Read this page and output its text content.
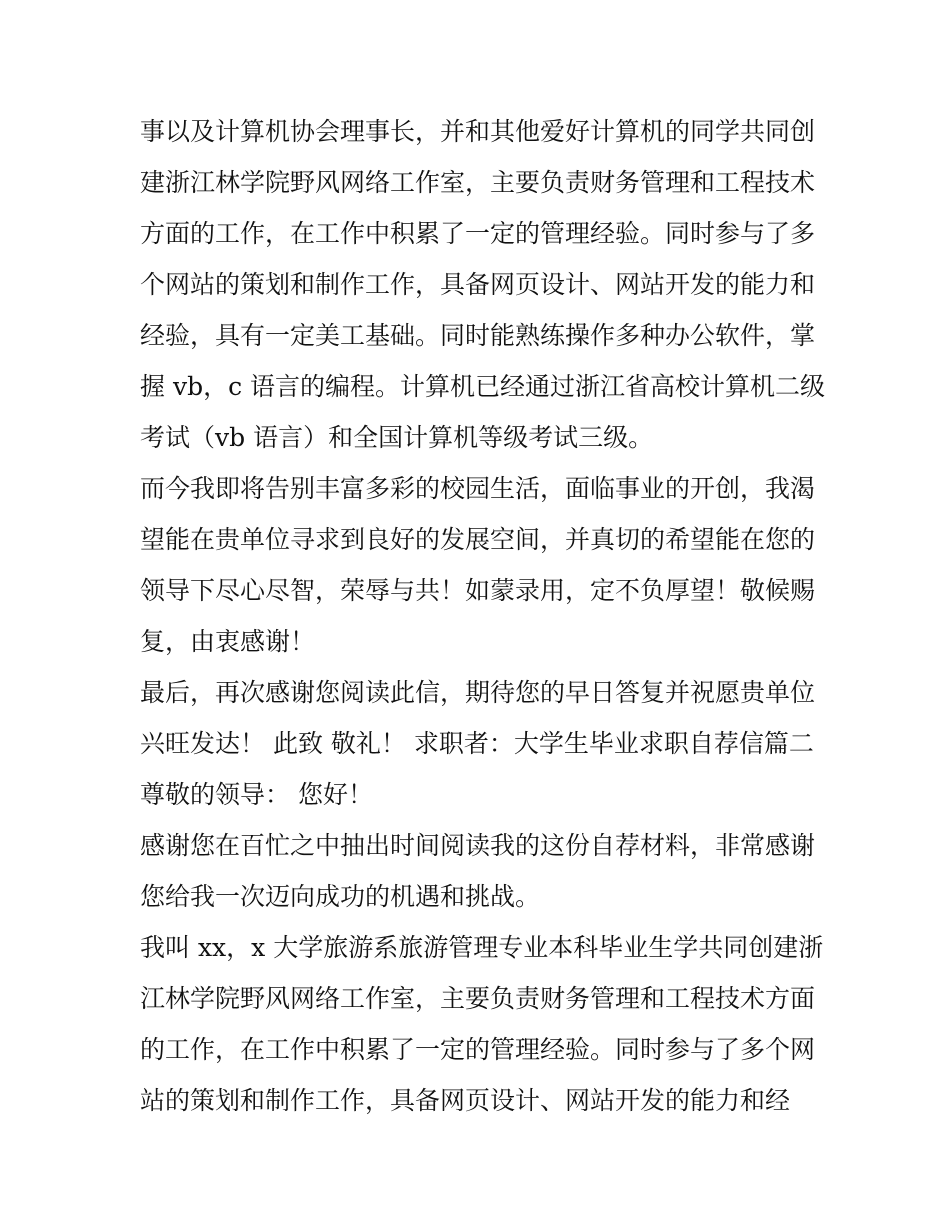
事以及计算机协会理事长，并和其他爱好计算机的同学共同创
建浙江林学院野风网络工作室，主要负责财务管理和工程技术
方面的工作，在工作中积累了一定的管理经验。同时参与了多
个网站的策划和制作工作，具备网页设计、网站开发的能力和
经验，具有一定美工基础。同时能熟练操作多种办公软件，掌
握 vb，c 语言的编程。计算机已经通过浙江省高校计算机二级
考试（vb 语言）和全国计算机等级考试三级。
而今我即将告别丰富多彩的校园生活，面临事业的开创，我渴
望能在贵单位寻求到良好的发展空间，并真切的希望能在您的
领导下尽心尽智，荣辱与共！如蒙录用，定不负厚望！敬候赐
复，由衷感谢！
最后，再次感谢您阅读此信，期待您的早日答复并祝愿贵单位
兴旺发达！ 此致 敬礼！ 求职者：大学生毕业求职自荐信篇二
尊敬的领导： 您好！
感谢您在百忙之中抽出时间阅读我的这份自荐材料，非常感谢
您给我一次迈向成功的机遇和挑战。
我叫 xx，x 大学旅游系旅游管理专业本科毕业生学共同创建浙
江林学院野风网络工作室，主要负责财务管理和工程技术方面
的工作，在工作中积累了一定的管理经验。同时参与了多个网
站的策划和制作工作，具备网页设计、网站开发的能力和经
